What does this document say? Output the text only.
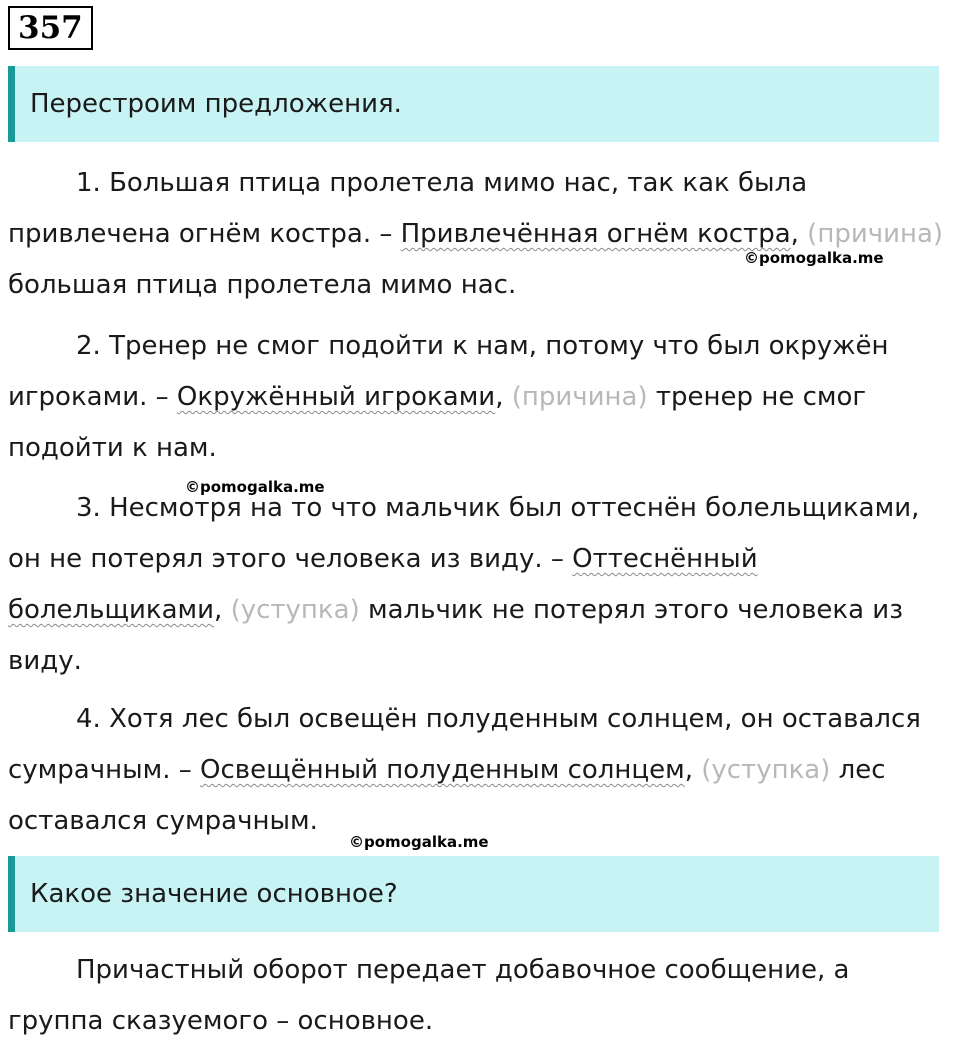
357
Перестроим предложения.

1. Большая птица пролетела мимо нас, так как была привлечена огнём костра. – Привлечённая огнём костра, (причина) большая птица пролетела мимо нас.

2. Тренер не смог подойти к нам, потому что был окружён игроками. – Окружённый игроками, (причина) тренер не смог подойти к нам.

3. Несмотря на то что мальчик был оттеснён болельщиками, он не потерял этого человека из виду. – Оттеснённый болельщиками, (уступка) мальчик не потерял этого человека из виду.

4. Хотя лес был освещён полуденным солнцем, он оставался сумрачным. – Освещённый полуденным солнцем, (уступка) лес оставался сумрачным.

Какое значение основное?

Причастный оборот передает добавочное сообщение, а группа сказуемого – основное.

©pomogalka.me
©pomogalka.me
©pomogalka.me
